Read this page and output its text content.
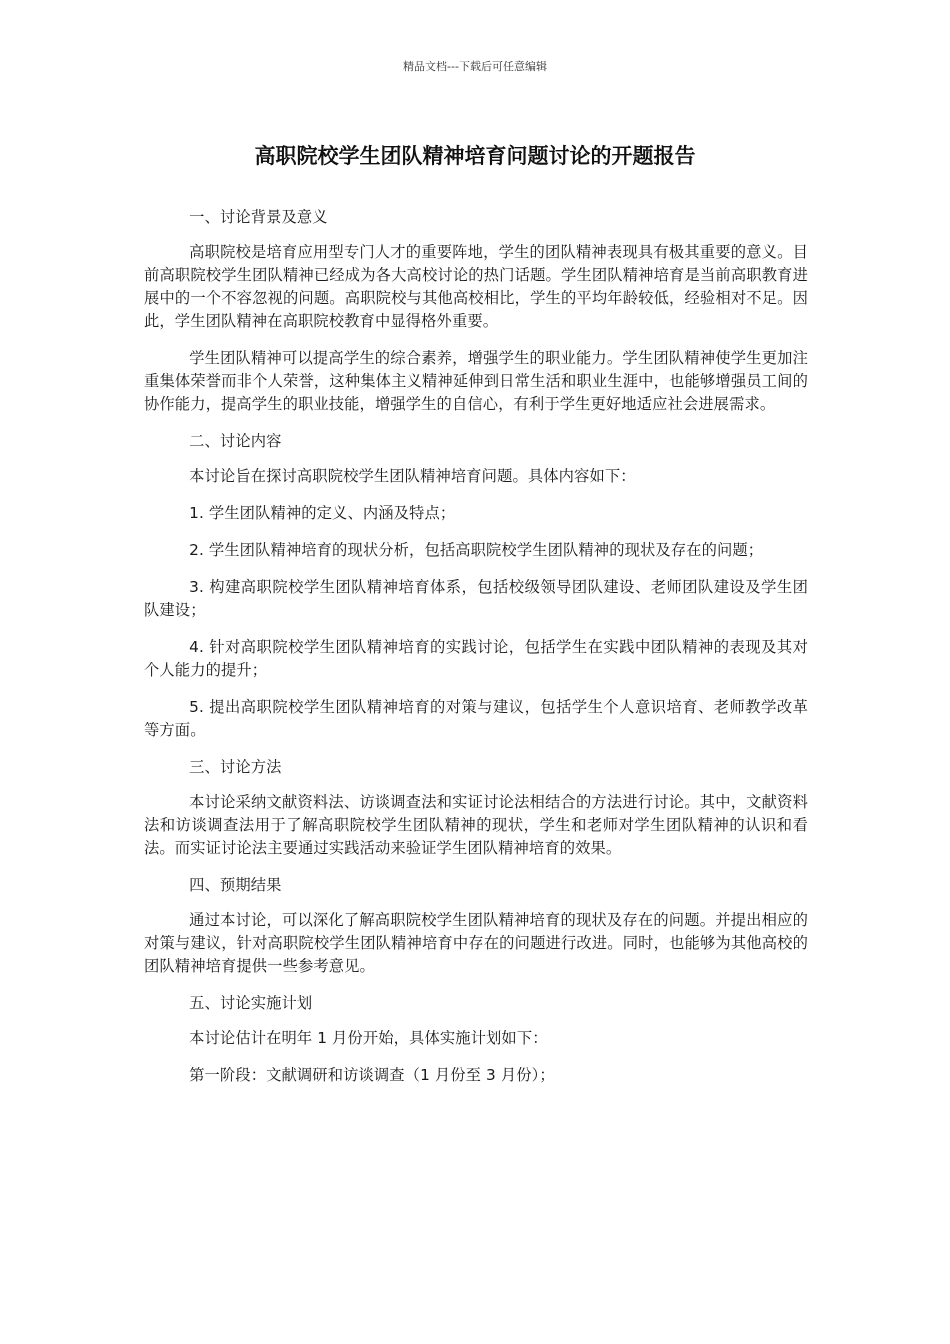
精品文档---下载后可任意编辑
高职院校学生团队精神培育问题讨论的开题报告

一、讨论背景及意义

高职院校是培育应用型专门人才的重要阵地，学生的团队精神表现具有极其重要的意义。目前高职院校学生团队精神已经成为各大高校讨论的热门话题。学生团队精神培育是当前高职教育进展中的一个不容忽视的问题。高职院校与其他高校相比，学生的平均年龄较低，经验相对不足。因此，学生团队精神在高职院校教育中显得格外重要。

学生团队精神可以提高学生的综合素养，增强学生的职业能力。学生团队精神使学生更加注重集体荣誉而非个人荣誉，这种集体主义精神延伸到日常生活和职业生涯中，也能够增强员工间的协作能力，提高学生的职业技能，增强学生的自信心，有利于学生更好地适应社会进展需求。

二、讨论内容

本讨论旨在探讨高职院校学生团队精神培育问题。具体内容如下：

1. 学生团队精神的定义、内涵及特点；

2. 学生团队精神培育的现状分析，包括高职院校学生团队精神的现状及存在的问题；

3. 构建高职院校学生团队精神培育体系，包括校级领导团队建设、老师团队建设及学生团队建设；

4. 针对高职院校学生团队精神培育的实践讨论，包括学生在实践中团队精神的表现及其对个人能力的提升；

5. 提出高职院校学生团队精神培育的对策与建议，包括学生个人意识培育、老师教学改革等方面。

三、讨论方法

本讨论采纳文献资料法、访谈调查法和实证讨论法相结合的方法进行讨论。其中，文献资料法和访谈调查法用于了解高职院校学生团队精神的现状，学生和老师对学生团队精神的认识和看法。而实证讨论法主要通过实践活动来验证学生团队精神培育的效果。

四、预期结果

通过本讨论，可以深化了解高职院校学生团队精神培育的现状及存在的问题。并提出相应的对策与建议，针对高职院校学生团队精神培育中存在的问题进行改进。同时，也能够为其他高校的团队精神培育提供一些参考意见。

五、讨论实施计划

本讨论估计在明年 1 月份开始，具体实施计划如下：

第一阶段：文献调研和访谈调查（1 月份至 3 月份）；
